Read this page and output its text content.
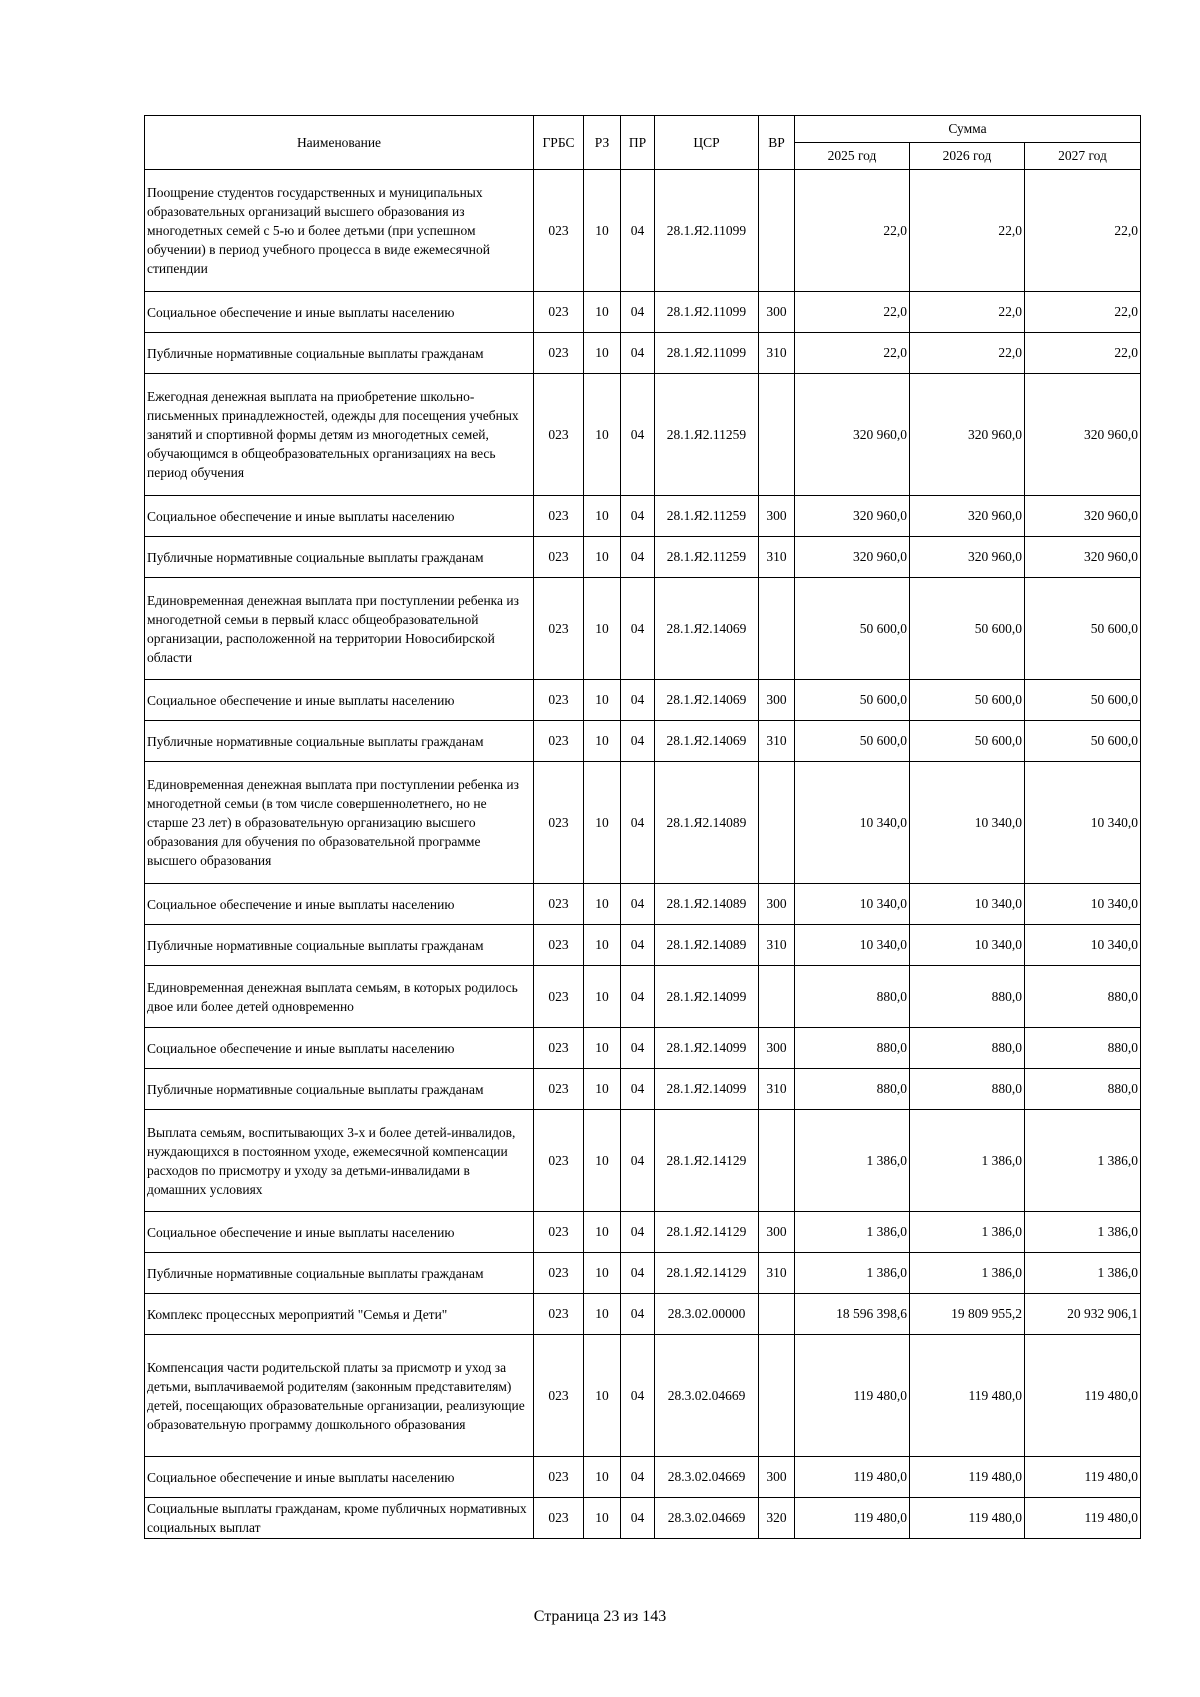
Наименование	ГРБС	РЗ	ПР	ЦСР	ВР	Сумма		
						2025 год	2026 год	2027 год
Поощрение студентов государственных и муниципальных образовательных организаций высшего образования из многодетных семей с 5-ю и более детьми (при успешном обучении) в период учебного процесса в виде ежемесячной стипендии	023	10	04	28.1.Я2.11099		22,0	22,0	22,0
Социальное обеспечение и иные выплаты населению	023	10	04	28.1.Я2.11099	300	22,0	22,0	22,0
Публичные нормативные социальные выплаты гражданам	023	10	04	28.1.Я2.11099	310	22,0	22,0	22,0
Ежегодная денежная выплата на приобретение школьно-письменных принадлежностей, одежды для посещения учебных занятий и спортивной формы детям из многодетных семей, обучающимся в общеобразовательных организациях на весь период обучения	023	10	04	28.1.Я2.11259		320 960,0	320 960,0	320 960,0
Социальное обеспечение и иные выплаты населению	023	10	04	28.1.Я2.11259	300	320 960,0	320 960,0	320 960,0
Публичные нормативные социальные выплаты гражданам	023	10	04	28.1.Я2.11259	310	320 960,0	320 960,0	320 960,0
Единовременная денежная выплата при поступлении ребенка из многодетной семьи в первый класс общеобразовательной организации, расположенной на территории Новосибирской области	023	10	04	28.1.Я2.14069		50 600,0	50 600,0	50 600,0
Социальное обеспечение и иные выплаты населению	023	10	04	28.1.Я2.14069	300	50 600,0	50 600,0	50 600,0
Публичные нормативные социальные выплаты гражданам	023	10	04	28.1.Я2.14069	310	50 600,0	50 600,0	50 600,0
Единовременная денежная выплата при поступлении ребенка из многодетной семьи (в том числе совершеннолетнего, но не старше 23 лет) в образовательную организацию высшего образования для обучения по образовательной программе высшего образования	023	10	04	28.1.Я2.14089		10 340,0	10 340,0	10 340,0
Социальное обеспечение и иные выплаты населению	023	10	04	28.1.Я2.14089	300	10 340,0	10 340,0	10 340,0
Публичные нормативные социальные выплаты гражданам	023	10	04	28.1.Я2.14089	310	10 340,0	10 340,0	10 340,0
Единовременная денежная выплата семьям, в которых родилось двое или более детей одновременно	023	10	04	28.1.Я2.14099		880,0	880,0	880,0
Социальное обеспечение и иные выплаты населению	023	10	04	28.1.Я2.14099	300	880,0	880,0	880,0
Публичные нормативные социальные выплаты гражданам	023	10	04	28.1.Я2.14099	310	880,0	880,0	880,0
Выплата семьям, воспитывающих 3-х и более детей-инвалидов, нуждающихся в постоянном уходе, ежемесячной компенсации расходов по присмотру и уходу за детьми-инвалидами в домашних условиях	023	10	04	28.1.Я2.14129		1 386,0	1 386,0	1 386,0
Социальное обеспечение и иные выплаты населению	023	10	04	28.1.Я2.14129	300	1 386,0	1 386,0	1 386,0
Публичные нормативные социальные выплаты гражданам	023	10	04	28.1.Я2.14129	310	1 386,0	1 386,0	1 386,0
Комплекс процессных мероприятий "Семья и Дети"	023	10	04	28.3.02.00000		18 596 398,6	19 809 955,2	20 932 906,1
Компенсация части родительской платы за присмотр и уход за детьми, выплачиваемой родителям (законным представителям) детей, посещающих образовательные организации, реализующие образовательную программу дошкольного образования	023	10	04	28.3.02.04669		119 480,0	119 480,0	119 480,0
Социальное обеспечение и иные выплаты населению	023	10	04	28.3.02.04669	300	119 480,0	119 480,0	119 480,0
Социальные выплаты гражданам, кроме публичных нормативных социальных выплат	023	10	04	28.3.02.04669	320	119 480,0	119 480,0	119 480,0
Страница 23 из 143
